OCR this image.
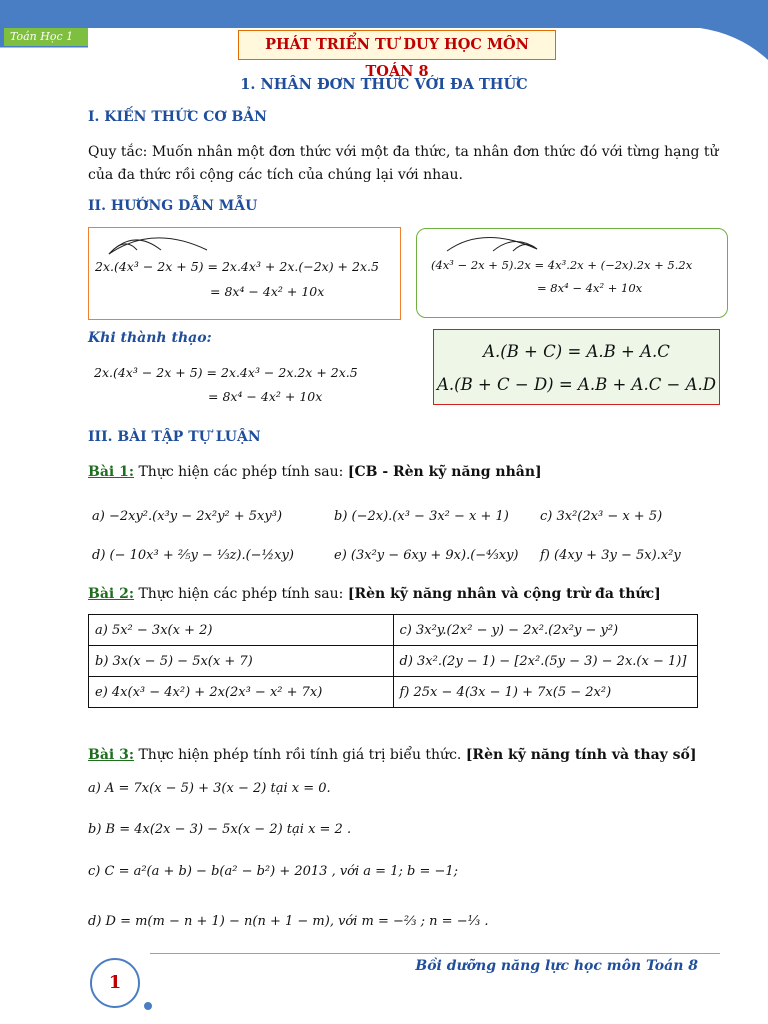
Toán Học 1	PHÁT TRIỂN TƯ DUY HỌC MÔN TOÁN 8
1. NHÂN ĐƠN THỨC VỚI ĐA THỨC
I. KIẾN THỨC CƠ BẢN
Quy tắc: Muốn nhân một đơn thức với một đa thức, ta nhân đơn thức đó với từng hạng tử
của đa thức rồi cộng các tích của chúng lại với nhau.
II. HƯỚNG DẪN MẪU
2x.(4x³ − 2x + 5) = 2x.4x³ + 2x.(−2x) + 2x.5
= 8x⁴ − 4x² + 10x
(4x³ − 2x + 5).2x = 4x³.2x + (−2x).2x + 5.2x
= 8x⁴ − 4x² + 10x
Khi thành thạo:
2x.(4x³ − 2x + 5) = 2x.4x³ − 2x.2x + 2x.5
= 8x⁴ − 4x² + 10x
A.(B + C) = A.B + A.C
A.(B + C − D) = A.B + A.C − A.D
III. BÀI TẬP TỰ LUẬN
Bài 1: Thực hiện các phép tính sau: [CB - Rèn kỹ năng nhân]
a) −2xy².(x³y − 2x²y² + 5xy³)	b) (−2x).(x³ − 3x² − x + 1) c) 3x²(2x³ − x + 5)
d) (− 10x³ + ²⁄₅y − ¹⁄₃z).(−½xy)	e) (3x²y − 6xy + 9x).(−⁴⁄₃xy) f) (4xy + 3y − 5x).x²y
Bài 2: Thực hiện các phép tính sau: [Rèn kỹ năng nhân và cộng trừ đa thức]
a) 5x² − 3x(x + 2)	c) 3x²y.(2x² − y) − 2x².(2x²y − y²)
b) 3x(x − 5) − 5x(x + 7)	d) 3x².(2y − 1) − [2x².(5y − 3) − 2x.(x − 1)]
e) 4x(x³ − 4x²) + 2x(2x³ − x² + 7x)	f) 25x − 4(3x − 1) + 7x(5 − 2x²)
Bài 3: Thực hiện phép tính rồi tính giá trị biểu thức. [Rèn kỹ năng tính và thay số]
a) A = 7x(x − 5) + 3(x − 2) tại x = 0.
b) B = 4x(2x − 3) − 5x(x − 2) tại x = 2 .
c) C = a²(a + b) − b(a² − b²) + 2013 , với a = 1; b = −1;
d) D = m(m − n + 1) − n(n + 1 − m), với m = −⅔ ; n = −⅓ .
Bồi dưỡng năng lực học môn Toán 8
1
